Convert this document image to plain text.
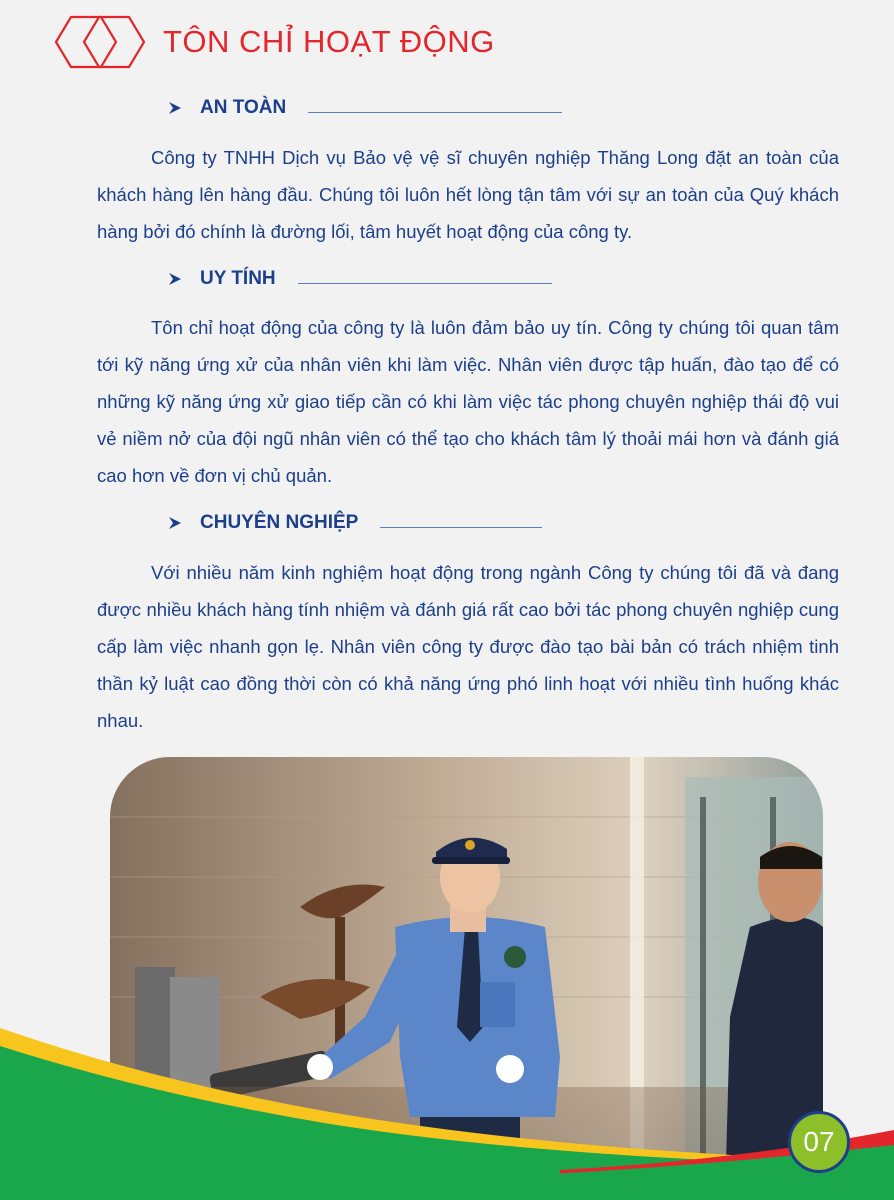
TÔN CHỈ HOẠT ĐỘNG
AN TOÀN

Công ty TNHH Dịch vụ Bảo vệ vệ sĩ chuyên nghiệp Thăng Long đặt an toàn của khách hàng lên hàng đầu. Chúng tôi luôn hết lòng tận tâm với sự an toàn của Quý khách hàng bởi đó chính là đường lối, tâm huyết hoạt động của công ty.

UY TÍNH

Tôn chỉ hoạt động của công ty là luôn đảm bảo uy tín. Công ty chúng tôi quan tâm tới kỹ năng ứng xử của nhân viên khi làm việc. Nhân viên được tập huấn, đào tạo để có những kỹ năng ứng xử giao tiếp cần có khi làm việc tác phong chuyên nghiệp thái độ vui vẻ niềm nở của đội ngũ nhân viên có thể tạo cho khách tâm lý thoải mái hơn và đánh giá cao hơn về đơn vị chủ quản.

CHUYÊN NGHIỆP

Với nhiều năm kinh nghiệm hoạt động trong ngành Công ty chúng tôi đã và đang được nhiều khách hàng tính nhiệm và đánh giá rất cao bởi tác phong chuyên nghiệp cung cấp làm việc nhanh gọn lẹ. Nhân viên công ty được đào tạo bài bản có trách nhiệm tinh thần kỷ luật cao đồng thời còn có khả năng ứng phó linh hoạt với nhiều tình huống khác nhau.

07
